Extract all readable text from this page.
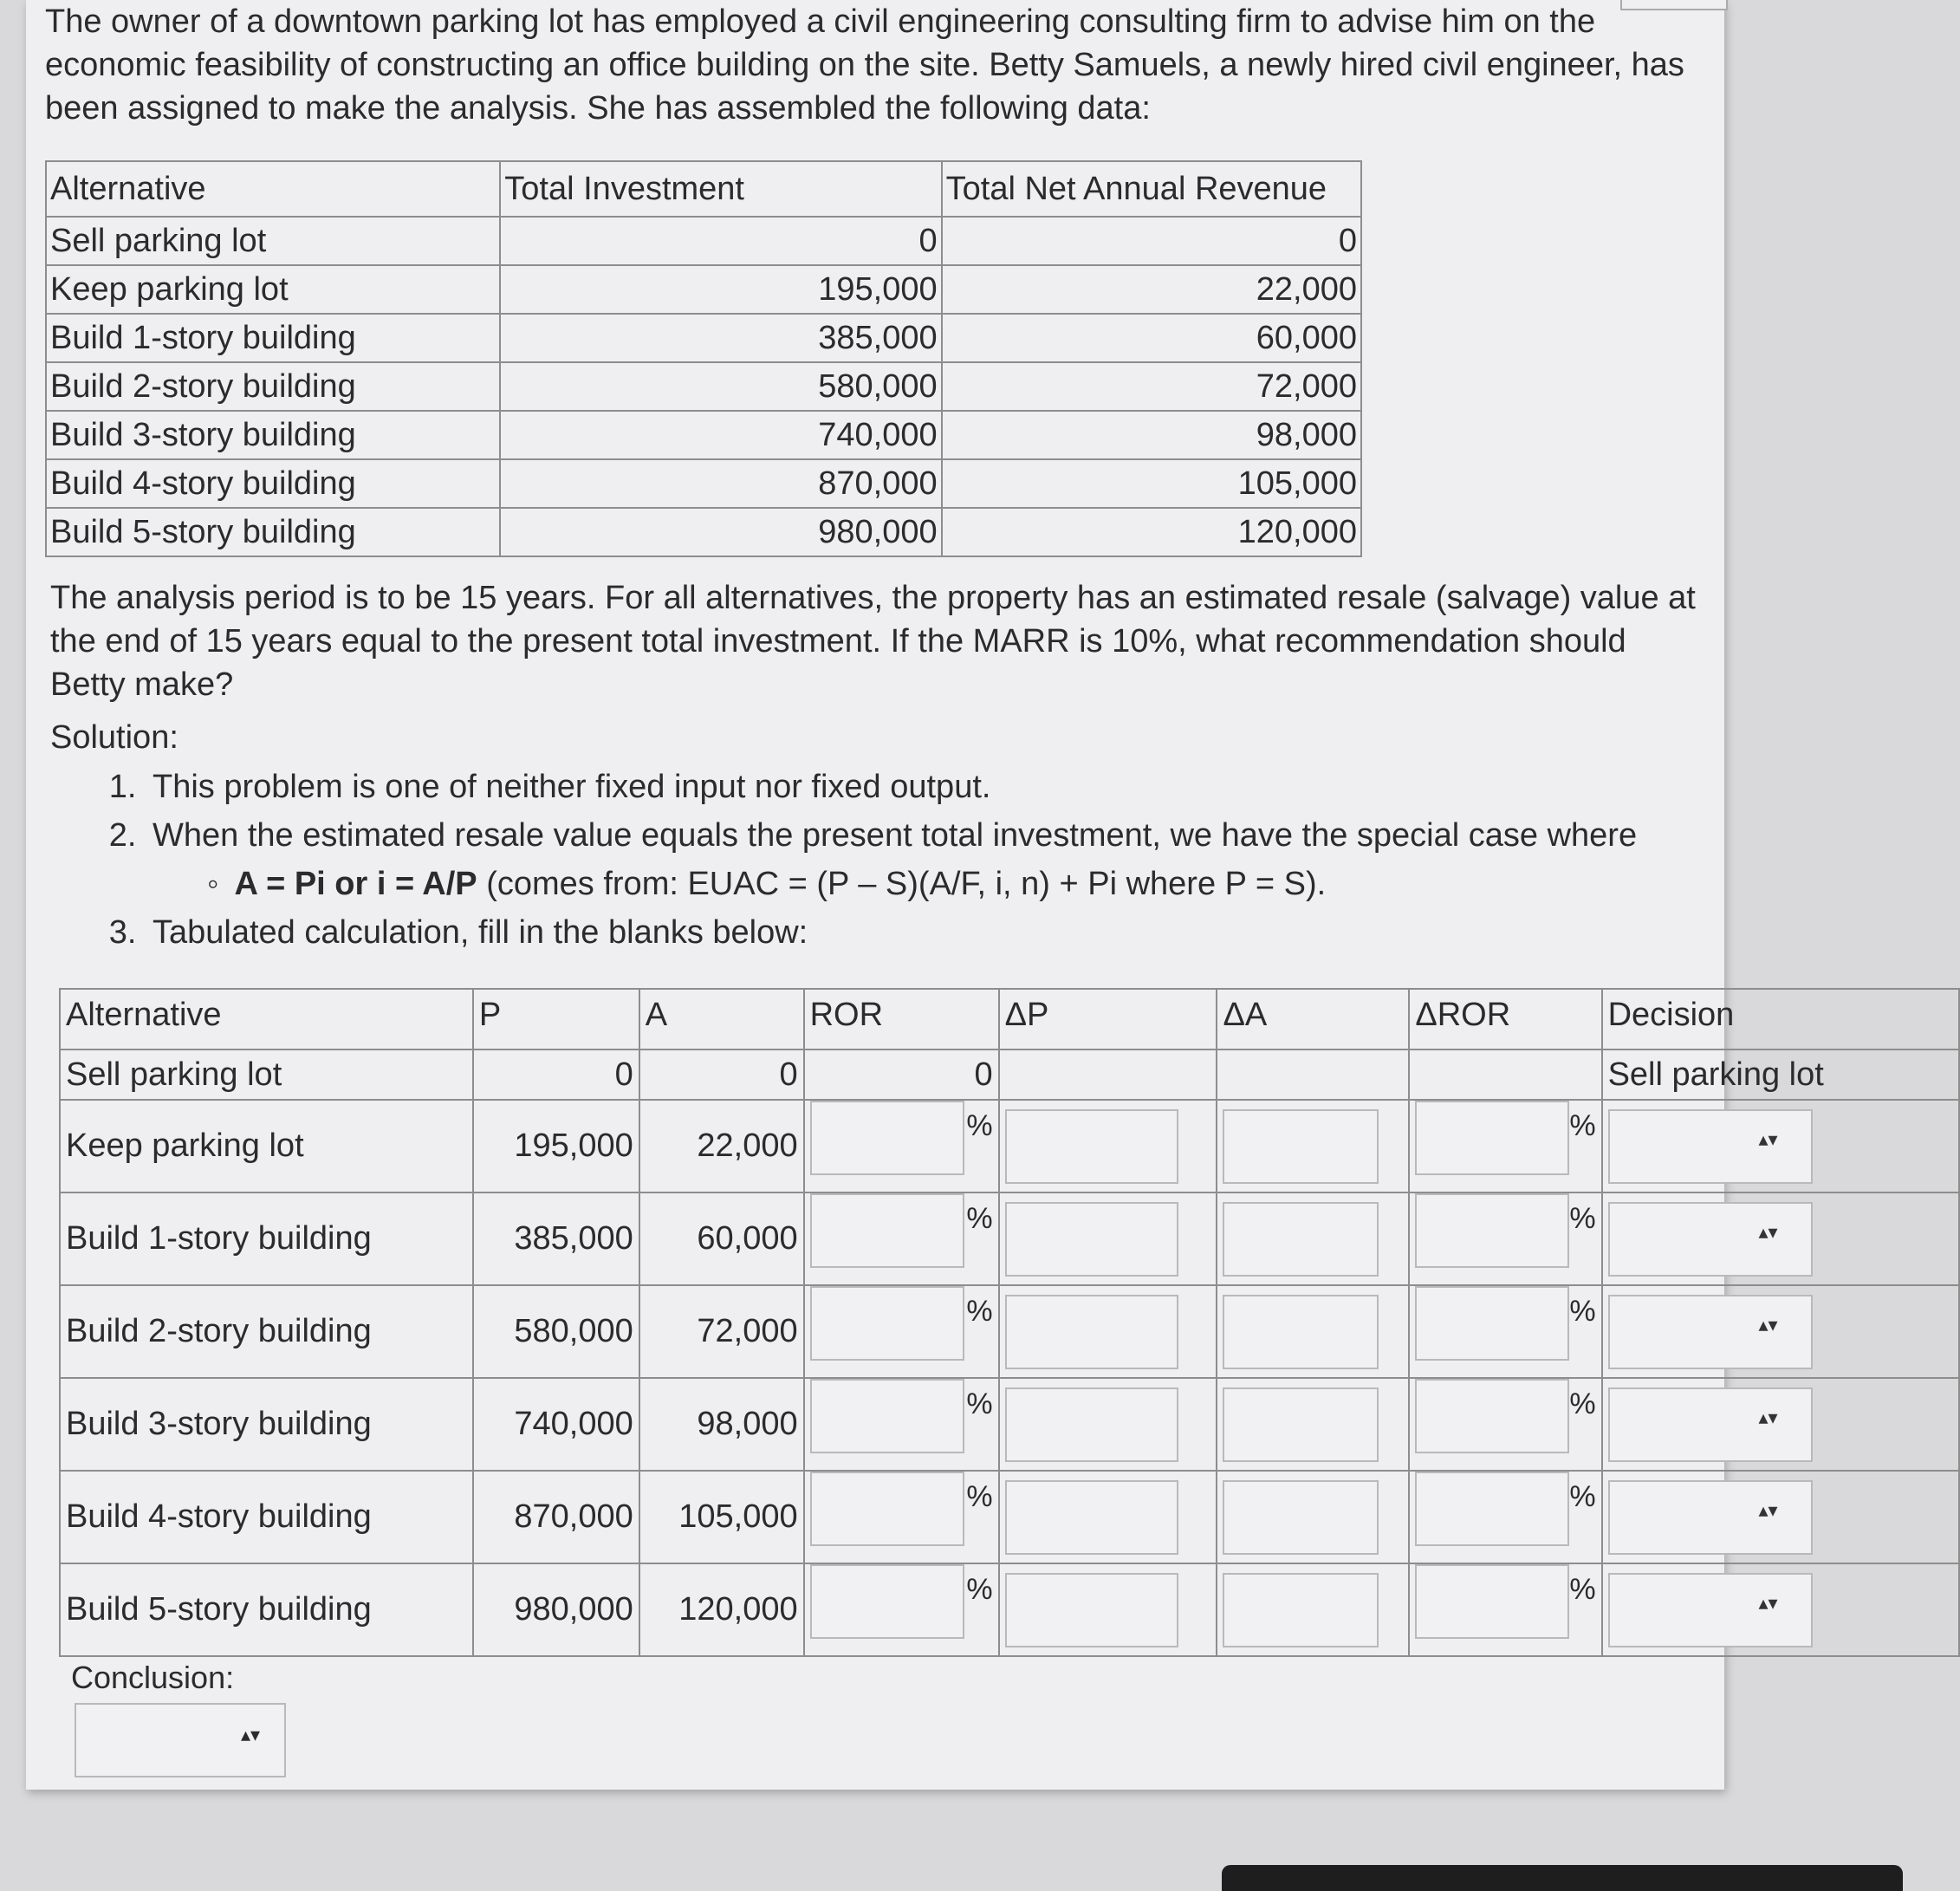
The owner of a downtown parking lot has employed a civil engineering consulting firm to advise him on the economic feasibility of constructing an office building on the site. Betty Samuels, a newly hired civil engineer, has been assigned to make the analysis. She has assembled the following data:

Alternative	Total Investment	Total Net Annual Revenue
Sell parking lot	0	0
Keep parking lot	195,000	22,000
Build 1-story building	385,000	60,000
Build 2-story building	580,000	72,000
Build 3-story building	740,000	98,000
Build 4-story building	870,000	105,000
Build 5-story building	980,000	120,000

The analysis period is to be 15 years. For all alternatives, the property has an estimated resale (salvage) value at the end of 15 years equal to the present total investment. If the MARR is 10%, what recommendation should Betty make?

Solution:

1. This problem is one of neither fixed input nor fixed output.
2. When the estimated resale value equals the present total investment, we have the special case where
◦ A = Pi or i = A/P (comes from: EUAC = (P – S)(A/F, i, n) + Pi where P = S).
3. Tabulated calculation, fill in the blanks below:
Alternative	P	A	ROR	ΔP	ΔA	ΔROR	Decision
Sell parking lot	0	0	0				Sell parking lot
Keep parking lot	195,000	22,000	%			%	▴▾

Build 1-story building	385,000	60,000	%			%	▴▾

Build 2-story building	580,000	72,000	%			%	▴▾

Build 3-story building	740,000	98,000	%			%	▴▾

Build 4-story building	870,000	105,000	%			%	▴▾

Build 5-story building	980,000	120,000	%			%	▴▾
Conclusion:
▴▾
